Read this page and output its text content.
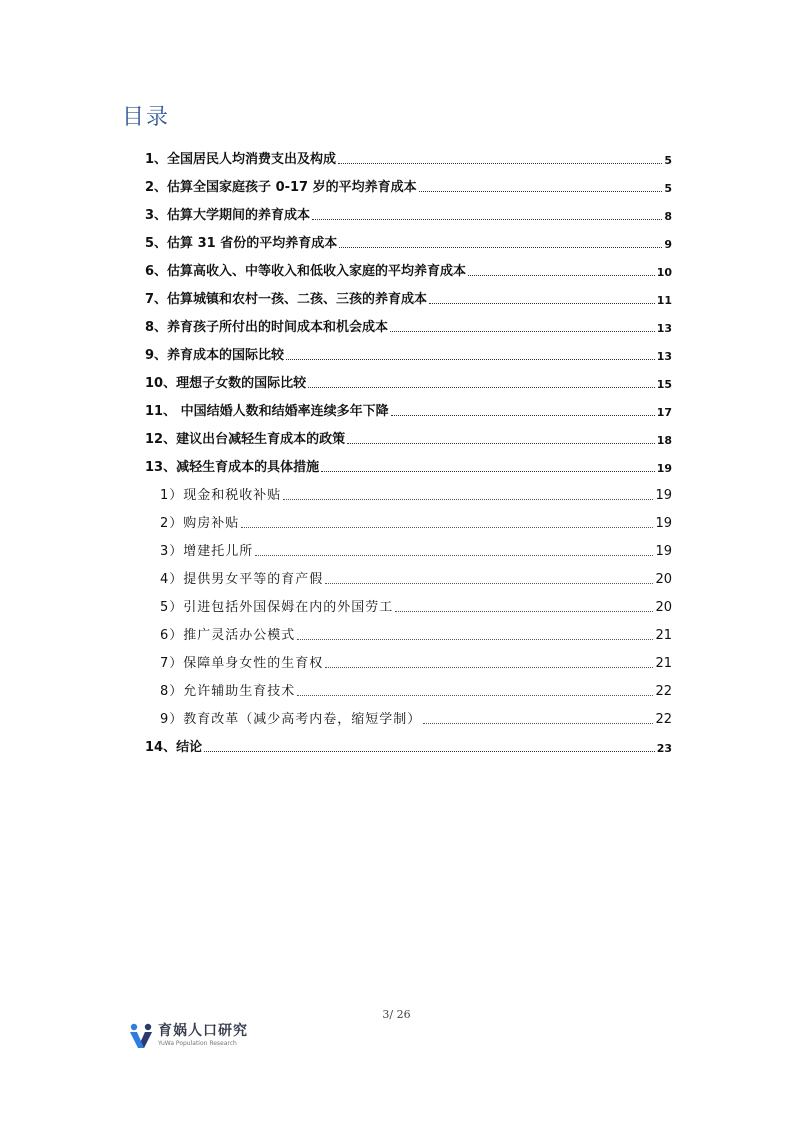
目录
1、全国居民人均消费支出及构成	5
2、估算全国家庭孩子 0-17 岁的平均养育成本	5
3、估算大学期间的养育成本	8
5、估算 31 省份的平均养育成本	9
6、估算高收入、中等收入和低收入家庭的平均养育成本	10
7、估算城镇和农村一孩、二孩、三孩的养育成本	11
8、养育孩子所付出的时间成本和机会成本	13
9、养育成本的国际比较	13
10、理想子女数的国际比较	15
11、 中国结婚人数和结婚率连续多年下降	17
12、建议出台减轻生育成本的政策	18
13、减轻生育成本的具体措施	19
1）现金和税收补贴	19
2）购房补贴	19
3）增建托儿所	19
4）提供男女平等的育产假	20
5）引进包括外国保姆在内的外国劳工	20
6）推广灵活办公模式	21
7）保障单身女性的生育权	21
8）允许辅助生育技术	22
9）教育改革（减少高考内卷，缩短学制）	22
14、结论	23
3/ 26
育娲人口研究
YuWa Population Research
